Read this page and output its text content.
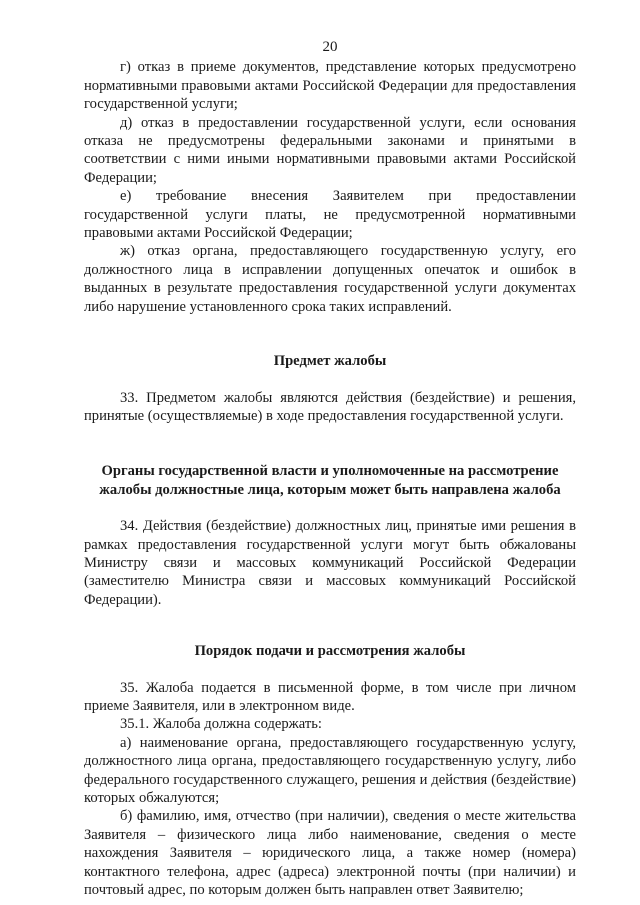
20

г) отказ в приеме документов, представление которых предусмотрено нормативными правовыми актами Российской Федерации для предоставления государственной услуги;

д) отказ в предоставлении государственной услуги, если основания отказа не предусмотрены федеральными законами и принятыми в соответствии с ними иными нормативными правовыми актами Российской Федерации;

е) требование внесения Заявителем при предоставлении государственной услуги платы, не предусмотренной нормативными правовыми актами Российской Федерации;

ж) отказ органа, предоставляющего государственную услугу, его должностного лица в исправлении допущенных опечаток и ошибок в выданных в результате предоставления государственной услуги документах либо нарушение установленного срока таких исправлений.

Предмет жалобы

33. Предметом жалобы являются действия (бездействие) и решения, принятые (осуществляемые) в ходе предоставления государственной услуги.

Органы государственной власти и уполномоченные на рассмотрение жалобы должностные лица, которым может быть направлена жалоба

34. Действия (бездействие) должностных лиц, принятые ими решения в рамках предоставления государственной услуги могут быть обжалованы Министру связи и массовых коммуникаций Российской Федерации (заместителю Министра связи и массовых коммуникаций Российской Федерации).

Порядок подачи и рассмотрения жалобы

35. Жалоба подается в письменной форме, в том числе при личном приеме Заявителя, или в электронном виде.

35.1. Жалоба должна содержать:

а) наименование органа, предоставляющего государственную услугу, должностного лица органа, предоставляющего государственную услугу, либо федерального государственного служащего, решения и действия (бездействие) которых обжалуются;

б) фамилию, имя, отчество (при наличии), сведения о месте жительства Заявителя – физического лица либо наименование, сведения о месте нахождения Заявителя – юридического лица, а также номер (номера) контактного телефона, адрес (адреса) электронной почты (при наличии) и почтовый адрес, по которым должен быть направлен ответ Заявителю;
